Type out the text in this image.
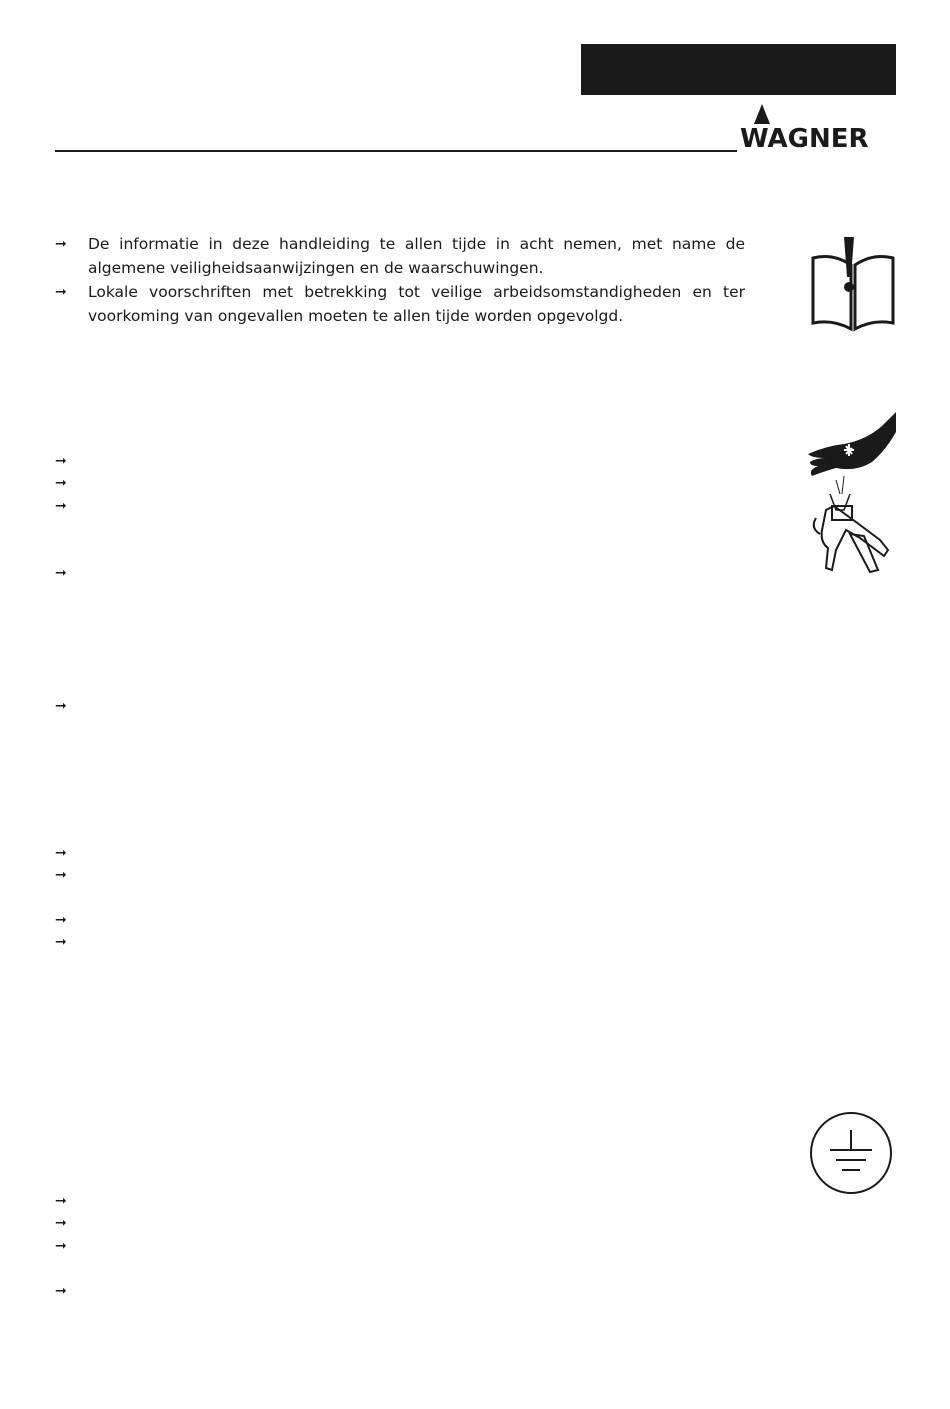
WAGNER
➞ De informatie in deze handleiding te allen tijde in acht nemen, met name de algemene veiligheidsaanwijzingen en de waarschuwingen.
➞ Lokale voorschriften met betrekking tot veilige arbeidsomstandigheden en ter voorkoming van ongevallen moeten te allen tijde worden opgevolgd.
➞
➞
➞
➞
➞
➞
➞
➞
➞
➞
➞
➞
➞
